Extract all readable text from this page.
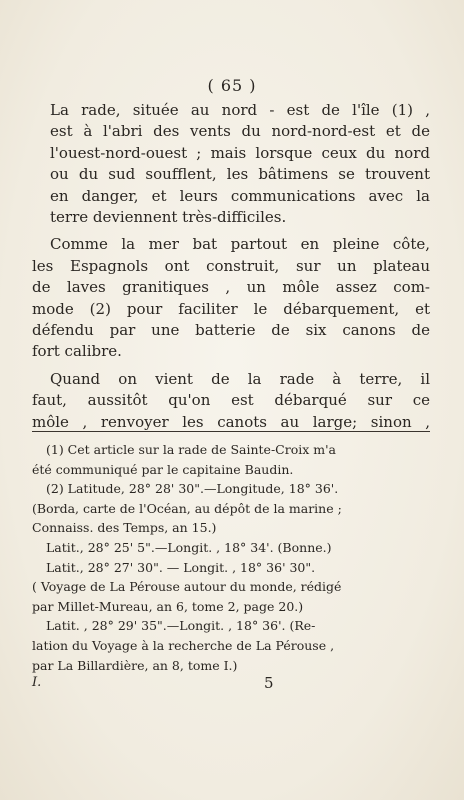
( 65 )

La rade, située au nord - est de l'île (1) ,
est à l'abri des vents du nord-nord-est et de
l'ouest-nord-ouest ; mais lorsque ceux du nord
ou du sud soufflent, les bâtimens se trouvent
en danger, et leurs communications avec la
terre deviennent très-difficiles.

Comme la mer bat partout en pleine côte,
les Espagnols ont construit, sur un plateau
de laves granitiques , un môle assez com-
mode (2) pour faciliter le débarquement, et
défendu par une batterie de six canons de
fort calibre.

Quand on vient de la rade à terre, il
faut, aussitôt qu'on est débarqué sur ce
môle , renvoyer les canots au large; sinon ,

(1) Cet article sur la rade de Sainte-Croix m'a
été communiqué par le capitaine Baudin.
(2) Latitude, 28° 28' 30".—Longitude, 18° 36'.
(Borda, carte de l'Océan, au dépôt de la marine ;
Connaiss. des Temps, an 15.)
Latit., 28° 25' 5".—Longit. , 18° 34'. (Bonne.)
Latit., 28° 27' 30". — Longit. , 18° 36' 30".
( Voyage de La Pérouse autour du monde, rédigé
par Millet-Mureau, an 6, tome 2, page 20.)
Latit. , 28° 29' 35".—Longit. , 18° 36'. (Re-
lation du Voyage à la recherche de La Pérouse ,
par La Billardière, an 8, tome I.)
I.	5
